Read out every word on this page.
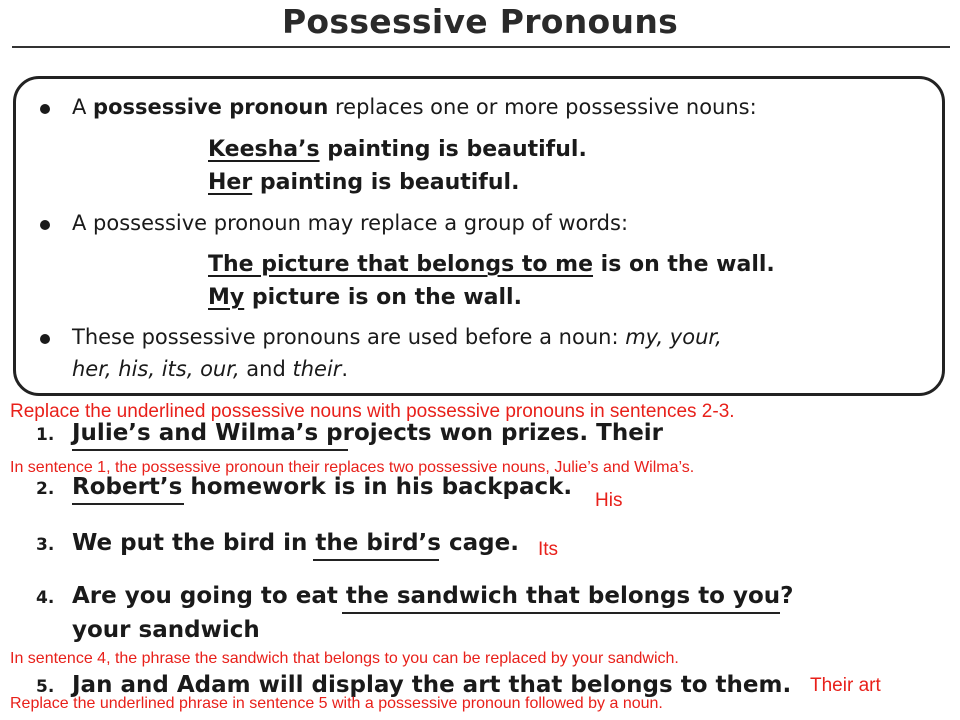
Possessive Pronouns
A possessive pronoun replaces one or more possessive nouns:
Keesha’s painting is beautiful.
Her painting is beautiful.
A possessive pronoun may replace a group of words:
The picture that belongs to me is on the wall.
My picture is on the wall.
These possessive pronouns are used before a noun: my, your,
her, his, its, our, and their.
Replace the underlined possessive nouns with possessive pronouns in sentences 2-3.
1. Julie’s and Wilma’s projects won prizes. Their
In sentence 1, the possessive pronoun their replaces two possessive nouns, Julie’s and Wilma’s.
2. Robert’s homework is in his backpack.
His
3. We put the bird in the bird’s cage. Its
4. Are you going to eat the sandwich that belongs to you?
your sandwich
In sentence 4, the phrase the sandwich that belongs to you can be replaced by your sandwich.
5. Jan and Adam will display the art that belongs to them. Their art
Replace the underlined phrase in sentence 5 with a possessive pronoun followed by a noun.
